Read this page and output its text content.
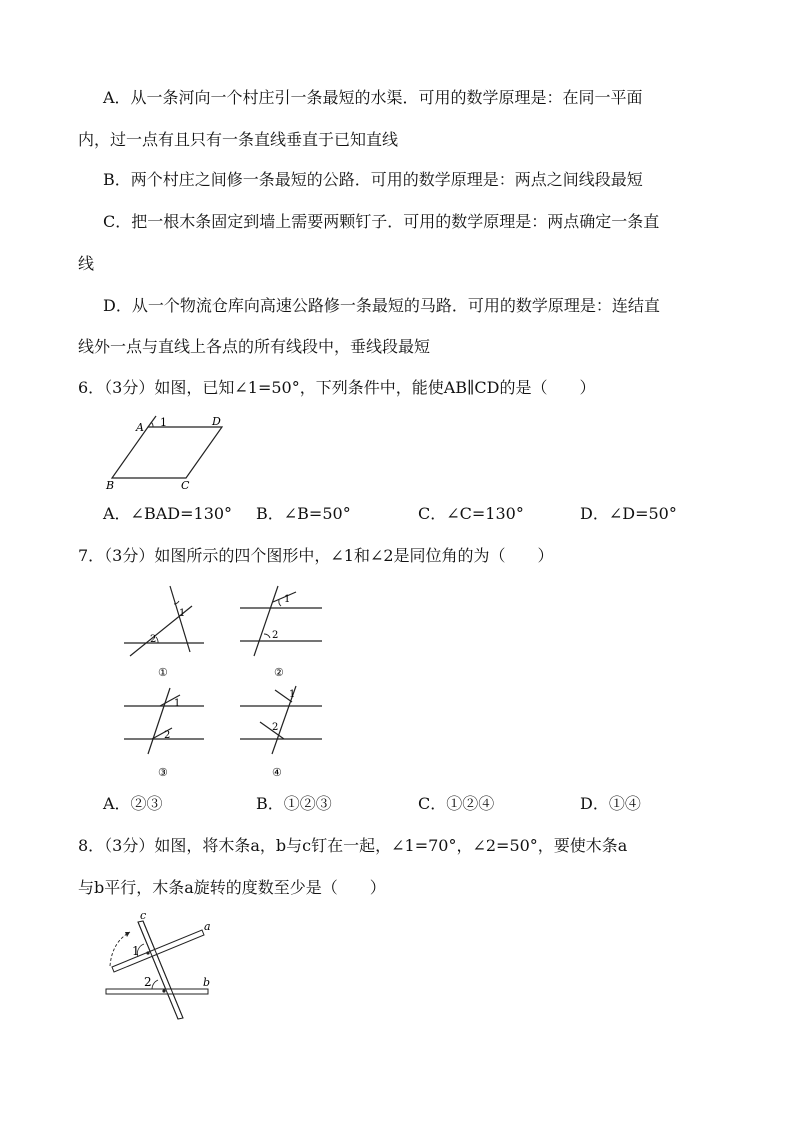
A．从一条河向一个村庄引一条最短的水渠．可用的数学原理是：在同一平面
内，过一点有且只有一条直线垂直于已知直线
B．两个村庄之间修一条最短的公路．可用的数学原理是：两点之间线段最短
C．把一根木条固定到墙上需要两颗钉子．可用的数学原理是：两点确定一条直
线
D．从一个物流仓库向高速公路修一条最短的马路．可用的数学原理是：连结直
线外一点与直线上各点的所有线段中，垂线段最短
6．（3分）如图，已知∠1=50°，下列条件中，能使AB∥CD的是（　　）
A 1	D
B	C
A．∠BAD=130° B．∠B=50°	C．∠C=130°	D．∠D=50°
7．（3分）如图所示的四个图形中，∠1和∠2是同位角的为（　　）
1
2
①
1
2
②
1
2
③
1
2
④
A．②③	B．①②③	C．①②④	D．①④
8．（3分）如图，将木条a，b与c钉在一起，∠1=70°，∠2=50°，要使木条a
与b平行，木条a旋转的度数至少是（　　）
c
a
b
1
2
